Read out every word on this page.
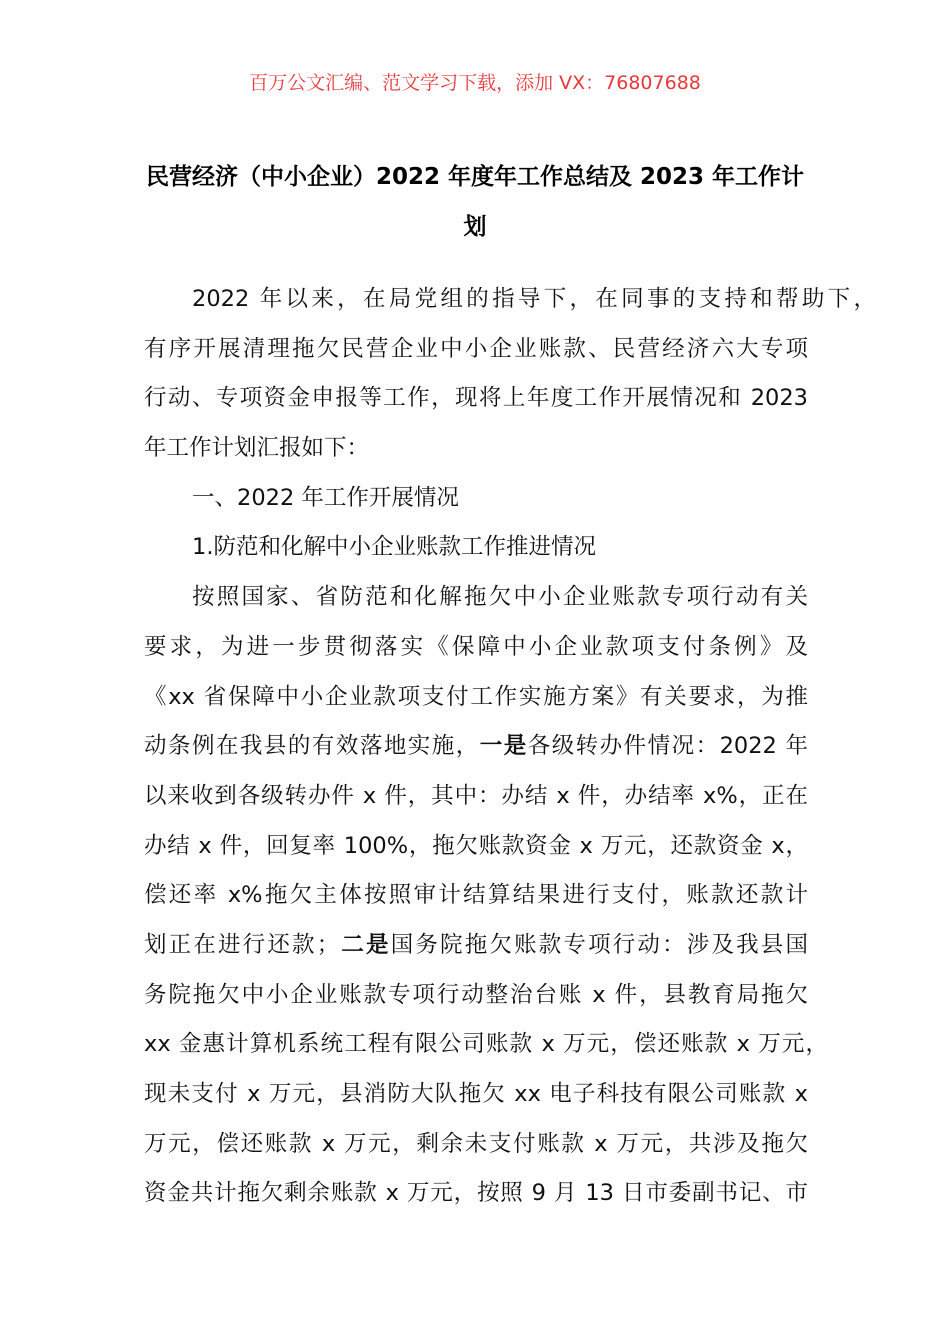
百万公文汇编、范文学习下载，添加 VX：76807688
民营经济（中小企业）2022 年度年工作总结及 2023 年工作计
划
2022 年以来，在局党组的指导下，在同事的支持和帮助下，
有序开展清理拖欠民营企业中小企业账款、民营经济六大专项
行动、专项资金申报等工作，现将上年度工作开展情况和 2023
年工作计划汇报如下：
一、2022 年工作开展情况
1.防范和化解中小企业账款工作推进情况
按照国家、省防范和化解拖欠中小企业账款专项行动有关
要求，为进一步贯彻落实《保障中小企业款项支付条例》及
《xx 省保障中小企业款项支付工作实施方案》有关要求，为推
动条例在我县的有效落地实施，一是各级转办件情况：2022 年
以来收到各级转办件 x 件，其中：办结 x 件，办结率 x%，正在
办结 x 件，回复率 100%，拖欠账款资金 x 万元，还款资金 x，
偿还率 x%拖欠主体按照审计结算结果进行支付，账款还款计
划正在进行还款；二是国务院拖欠账款专项行动：涉及我县国
务院拖欠中小企业账款专项行动整治台账 x 件，县教育局拖欠
xx 金惠计算机系统工程有限公司账款 x 万元，偿还账款 x 万元，
现未支付 x 万元，县消防大队拖欠 xx 电子科技有限公司账款 x
万元，偿还账款 x 万元，剩余未支付账款 x 万元，共涉及拖欠
资金共计拖欠剩余账款 x 万元，按照 9 月 13 日市委副书记、市
